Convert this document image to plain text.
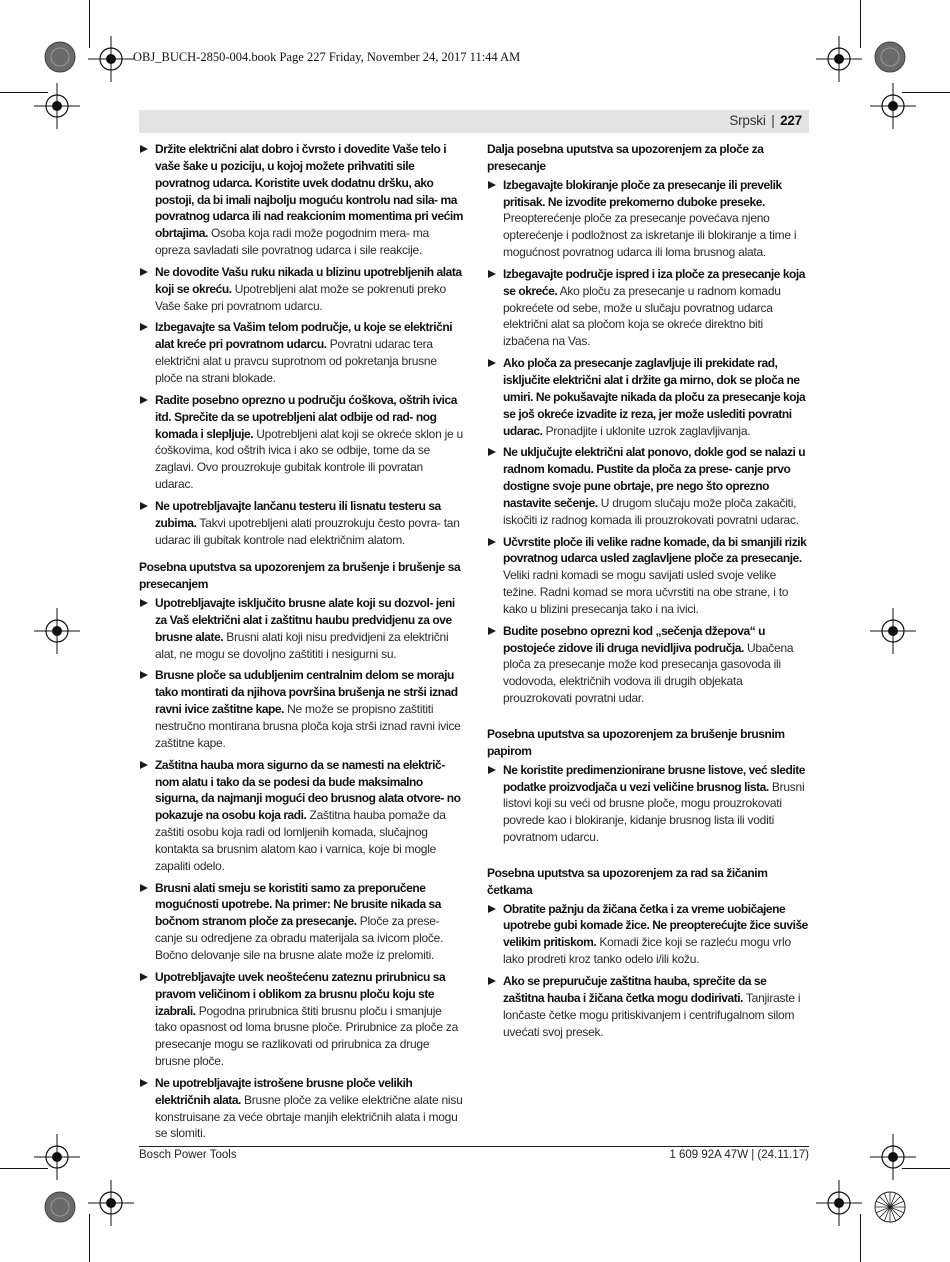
OBJ_BUCH-2850-004.book Page 227 Friday, November 24, 2017 11:44 AM
Srpski | 227
Držite električni alat dobro i čvrsto i dovedite Vaše telo i vaše šake u poziciju, u kojoj možete prihvatiti sile povratnog udarca. Koristite uvek dodatnu dršku, ako postoji, da bi imali najbolju moguću kontrolu nad sila- ma povratnog udarca ili nad reakcionim momentima pri većim obrtajima. Osoba koja radi može pogodnim mera- ma opreza savladati sile povratnog udarca i sile reakcije.
Ne dovodite Vašu ruku nikada u blizinu upotrebljenih alata koji se okreću. Upotrebljeni alat može se pokrenuti preko Vaše šake pri povratnom udarcu.
Izbegavajte sa Vašim telom područje, u koje se električni alat kreće pri povratnom udarcu. Povratni udarac tera električni alat u pravcu suprotnom od pokretanja brusne ploče na strani blokade.
Radite posebno oprezno u području ćoškova, oštrih ivica itd. Sprečite da se upotrebljeni alat odbije od rad- nog komada i sleplјuje. Upotrebljeni alat koji se okreće sklon je u ćoškovima, kod oštrih ivica i ako se odbije, tome da se zaglavi. Ovo prouzrokuje gubitak kontrole ili povratan udarac.
Ne upotrebljavajte lančanu testeru ili lisnatu testeru sa zubima. Takvi upotrebljeni alati prouzrokuju često povra- tan udarac ili gubitak kontrole nad električnim alatom.
Posebna uputstva sa upozorenjem za brušenje i brušenje sa presecanjem
Upotrebljavajte isključito brusne alate koji su dozvol- jeni za Vaš električni alat i zaštitnu haubu predvidjenu za ove brusne alate. Brusni alati koji nisu predvidjeni za električni alat, ne mogu se dovoljno zaštititi i nesigurni su.
Brusne ploče sa udubljenim centralnim delom se moraju tako montirati da njihova površina brušenja ne strši iznad ravni ivice zaštitne kape. Ne može se propisno zaštititi nestručno montirana brusna ploča koja strši iznad ravni ivice zaštitne kape.
Zaštitna hauba mora sigurno da se namesti na električ- nom alatu i tako da se podesi da bude maksimalno sigurna, da najmanji mogući deo brusnog alata otvore- no pokazuje na osobu koja radi. Zaštitna hauba pomaže da zaštiti osobu koja radi od lomljenih komada, slučajnog kontakta sa brusnim alatom kao i varnica, koje bi mogle zapaliti odelo.
Brusni alati smeju se koristiti samo za preporučene mogućnosti upotrebe. Na primer: Ne brusite nikada sa bočnom stranom ploče za presecanje. Ploče za prese- canje su odredjene za obradu materijala sa ivicom ploče. Bočno delovanje sile na brusne alate može iz prelomiti.
Upotrebljavajte uvek neoštećenu zateznu prirubnicu sa pravom veličinom i oblikom za brusnu ploču koju ste izabrali. Pogodna prirubnica štiti brusnu ploču i smanjuje tako opasnost od loma brusne ploče. Prirubnice za ploče za presecanje mogu se razlikovati od prirubnica za druge brusne ploče.
Ne upotrebljavajte istrošene brusne ploče velikih električnih alata. Brusne ploče za velike električne alate nisu konstruisane za veće obrtaje manjih električnih alata i mogu se slomiti.
Dalja posebna uputstva sa upozorenjem za ploče za presecanje
Izbegavajte blokiranje ploče za presecanje ili prevelik pritisak. Ne izvodite prekomerno duboke preseke. Preopterećenje ploče za presecanje povećava njeno opterećenje i podložnost za iskretanje ili blokiranje a time i mogućnost povratnog udarca ili loma brusnog alata.
Izbegavajte područje ispred i iza ploče za presecanje koja se okreće. Ako ploču za presecanje u radnom komadu pokrećete od sebe, može u slučaju povratnog udarca električni alat sa pločom koja se okreće direktno biti izbačena na Vas.
Ako ploča za presecanje zaglavljuje ili prekidate rad, isključite električni alat i držite ga mirno, dok se ploča ne umiri. Ne pokušavajte nikada da ploču za presecanje koja se još okreće izvadite iz reza, jer može uslediti povratni udarac. Pronadjite i uklonite uzrok zaglavljivanja.
Ne uključujte električni alat ponovo, dokle god se nalazi u radnom komadu. Pustite da ploča za prese- canje prvo dostigne svoje pune obrtaje, pre nego što oprezno nastavite sečenje. U drugom slučaju može ploča zakačiti, iskočiti iz radnog komada ili prouzrokovati povratni udarac.
Učvrstite ploče ili velike radne komade, da bi smanjili rizik povratnog udarca usled zaglavljene ploče za presecanje. Veliki radni komadi se mogu savijati usled svoje velike težine. Radni komad se mora učvrstiti na obe strane, i to kako u blizini presecanja tako i na ivici.
Budite posebno oprezni kod „sečenja džepova“ u postojeće zidove ili druga nevidljiva područja. Ubačena ploča za presecanje može kod presecanja gasovoda ili vodovoda, električnih vodova ili drugih objekata prouzrokovati povratni udar.
Posebna uputstva sa upozorenjem za brušenje brusnim papirom
Ne koristite predimenzionirane brusne listove, već sledite podatke proizvodjača u vezi veličine brusnog lista. Brusni listovi koji su veći od brusne ploče, mogu prouzrokovati povrede kao i blokiranje, kidanje brusnog lista ili voditi povratnom udarcu.
Posebna uputstva sa upozorenjem za rad sa žičanim četkama
Obratite pažnju da žičana četka i za vreme uobičajene upotrebe gubi komade žice. Ne preopterećujte žice suviše velikim pritiskom. Komadi žice koji se razleću mogu vrlo lako prodreti kroz tanko odelo i/ili kožu.
Ako se prepuručuje zaštitna hauba, sprečite da se zaštitna hauba i žičana četka mogu dodirivati. Tanjiraste i lončaste četke mogu pritiskivanjem i centrifugalnom silom uvećati svoj presek.
Bosch Power Tools	1 609 92A 47W | (24.11.17)
